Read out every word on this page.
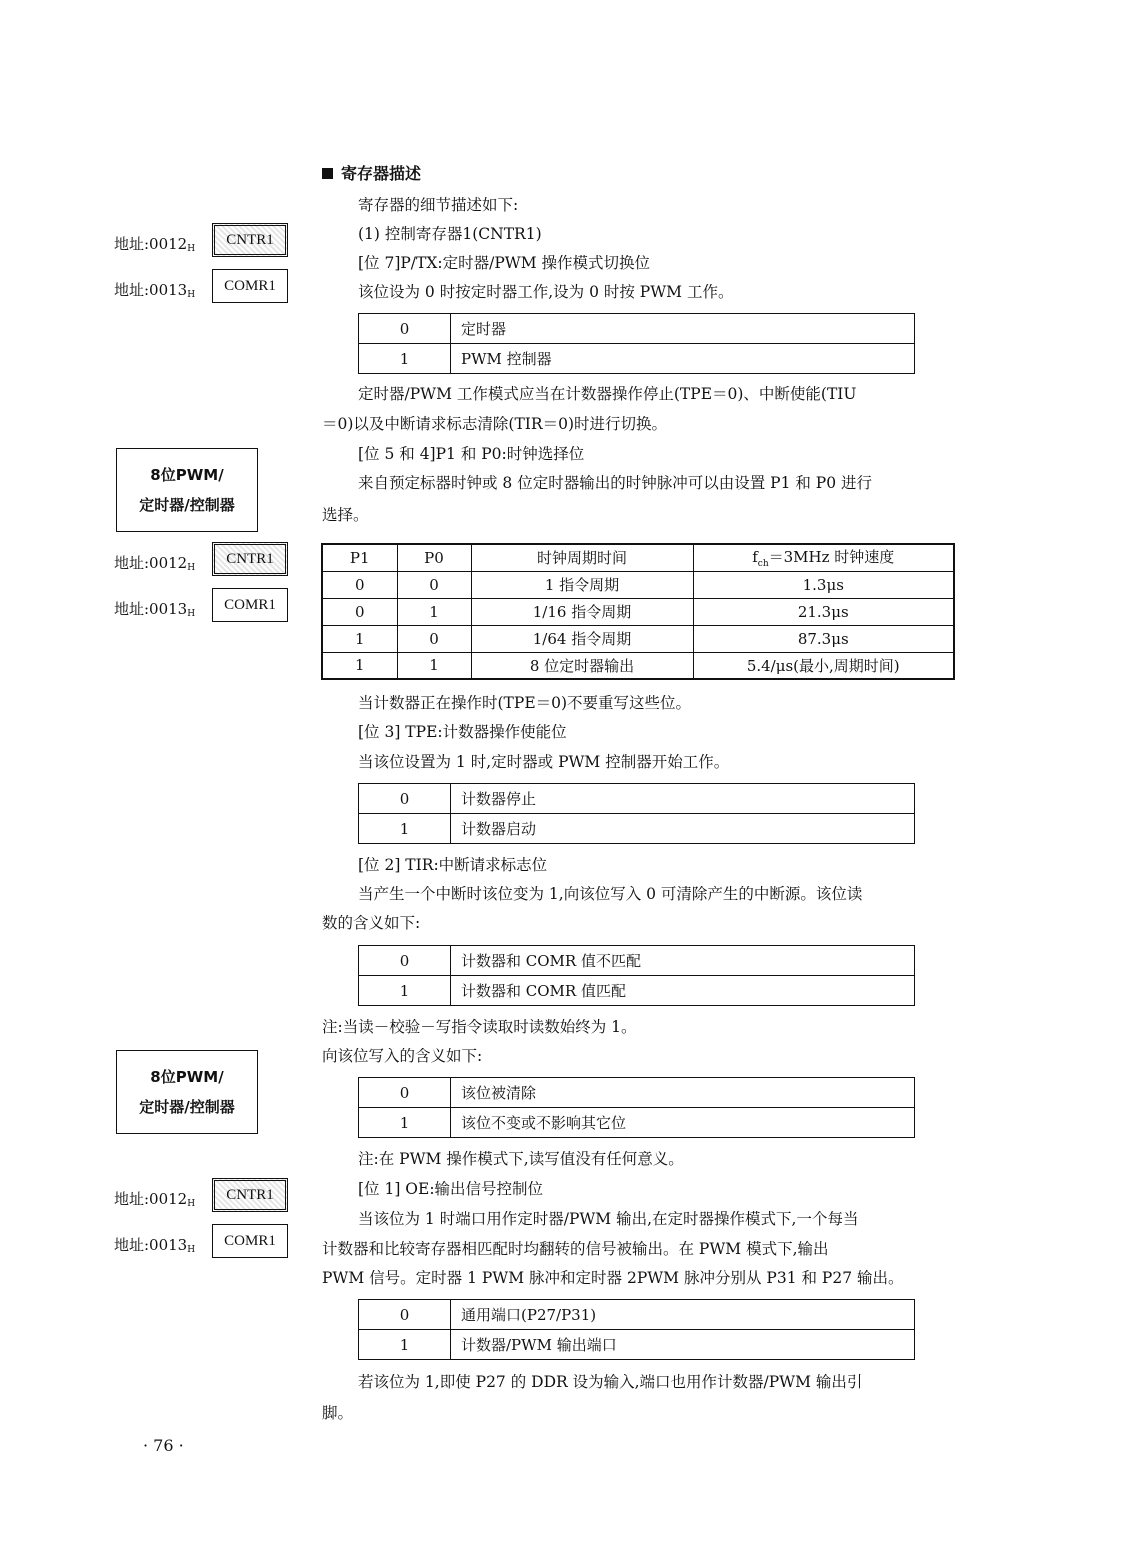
寄存器描述
地址$:0012_H$
CNTR1
地址$:0013_H$
COMR1
8位PWM/
定时器/控制器
地址$:0012_H$
CNTR1
地址$:0013_H$
COMR1
8位PWM/
定时器/控制器
地址$:0012_H$
CNTR1
地址$:0013_H$
COMR1
寄存器的细节描述如下:
(1) 控制寄存器1(CNTR1)
[位 7]P/TX:定时器/PWM 操作模式切换位
该位设为 0 时按定时器工作,设为 0 时按 PWM 工作。
0	定时器
1	PWM 控制器
定时器/PWM 工作模式应当在计数器操作停止(TPE＝0)、中断使能(TIU
＝0)以及中断请求标志清除(TIR＝0)时进行切换。
[位 5 和 4]P1 和 P0:时钟选择位
来自预定标器时钟或 8 位定时器输出的时钟脉冲可以由设置 P1 和 P0 进行
选择。
P1	P0	时钟周期时间	$f_{ch}=3MHz$ 时钟速度
0	0	1 指令周期	1.3μs
0	1	1/16 指令周期	21.3μs
1	0	1/64 指令周期	87.3μs
1	1	8 位定时器输出	5.4/μs(最小,周期时间)
当计数器正在操作时(TPE＝0)不要重写这些位。
[位 3] TPE:计数器操作使能位
当该位设置为 1 时,定时器或 PWM 控制器开始工作。
0	计数器停止
1	计数器启动
[位 2] TIR:中断请求标志位
当产生一个中断时该位变为 1,向该位写入 0 可清除产生的中断源。该位读
数的含义如下:
0	计数器和 COMR 值不匹配
1	计数器和 COMR 值匹配
注:当读－校验－写指令读取时读数始终为 1。
向该位写入的含义如下:
0	该位被清除
1	该位不变或不影响其它位
注:在 PWM 操作模式下,读写值没有任何意义。
[位 1] OE:输出信号控制位
当该位为 1 时端口用作定时器/PWM 输出,在定时器操作模式下,一个每当
计数器和比较寄存器相匹配时均翻转的信号被输出。在 PWM 模式下,输出
PWM 信号。定时器 1 PWM 脉冲和定时器 2PWM 脉冲分别从 P31 和 P27 输出。
0	通用端口(P27/P31)
1	计数器/PWM 输出端口
若该位为 1,即使 P27 的 DDR 设为输入,端口也用作计数器/PWM 输出引
脚。
· 76 ·
